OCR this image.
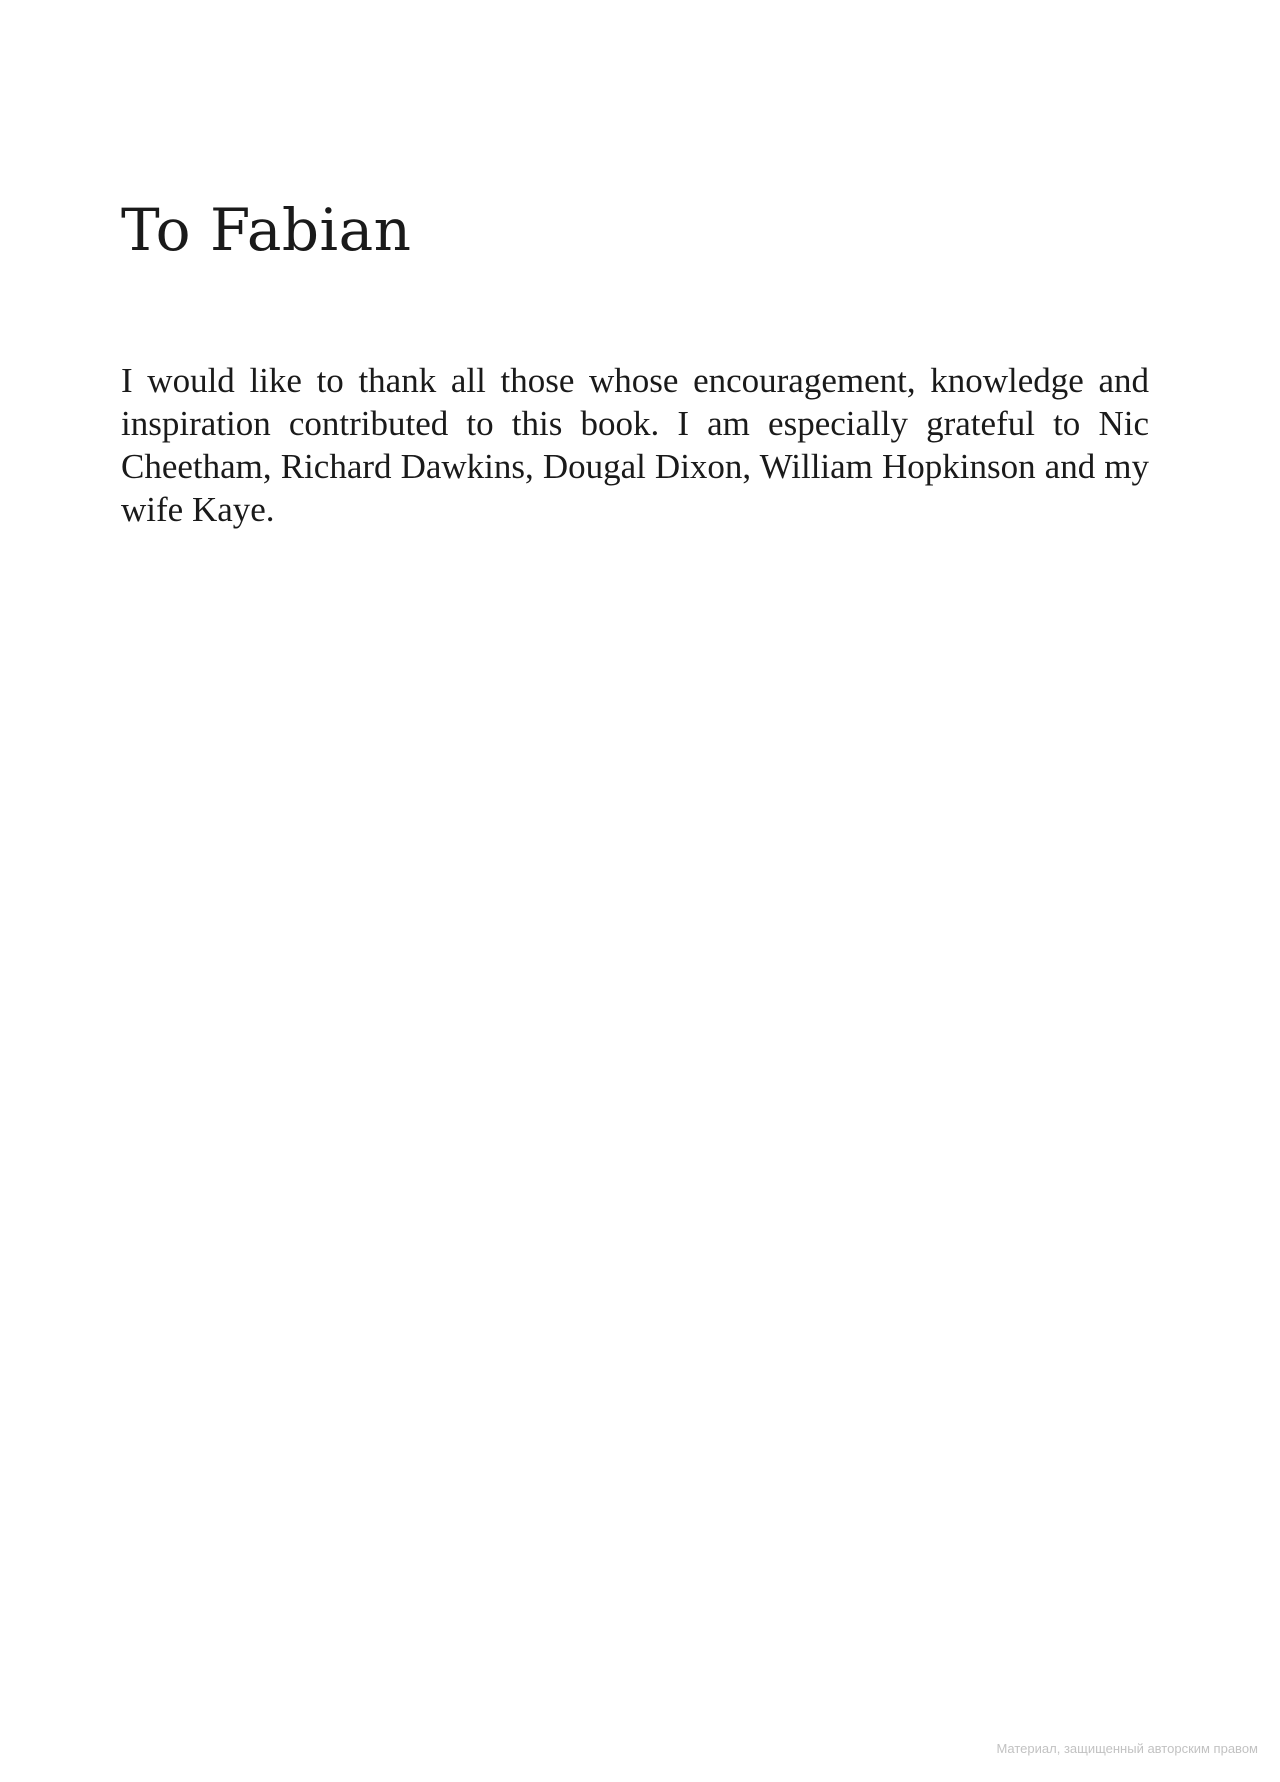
To Fabian

I would like to thank all those whose encouragement, knowledge and inspiration contributed to this book. I am especially grateful to Nic Cheetham, Richard Dawkins, Dougal Dixon, William Hopkinson and my wife Kaye.

Материал, защищенный авторским правом
